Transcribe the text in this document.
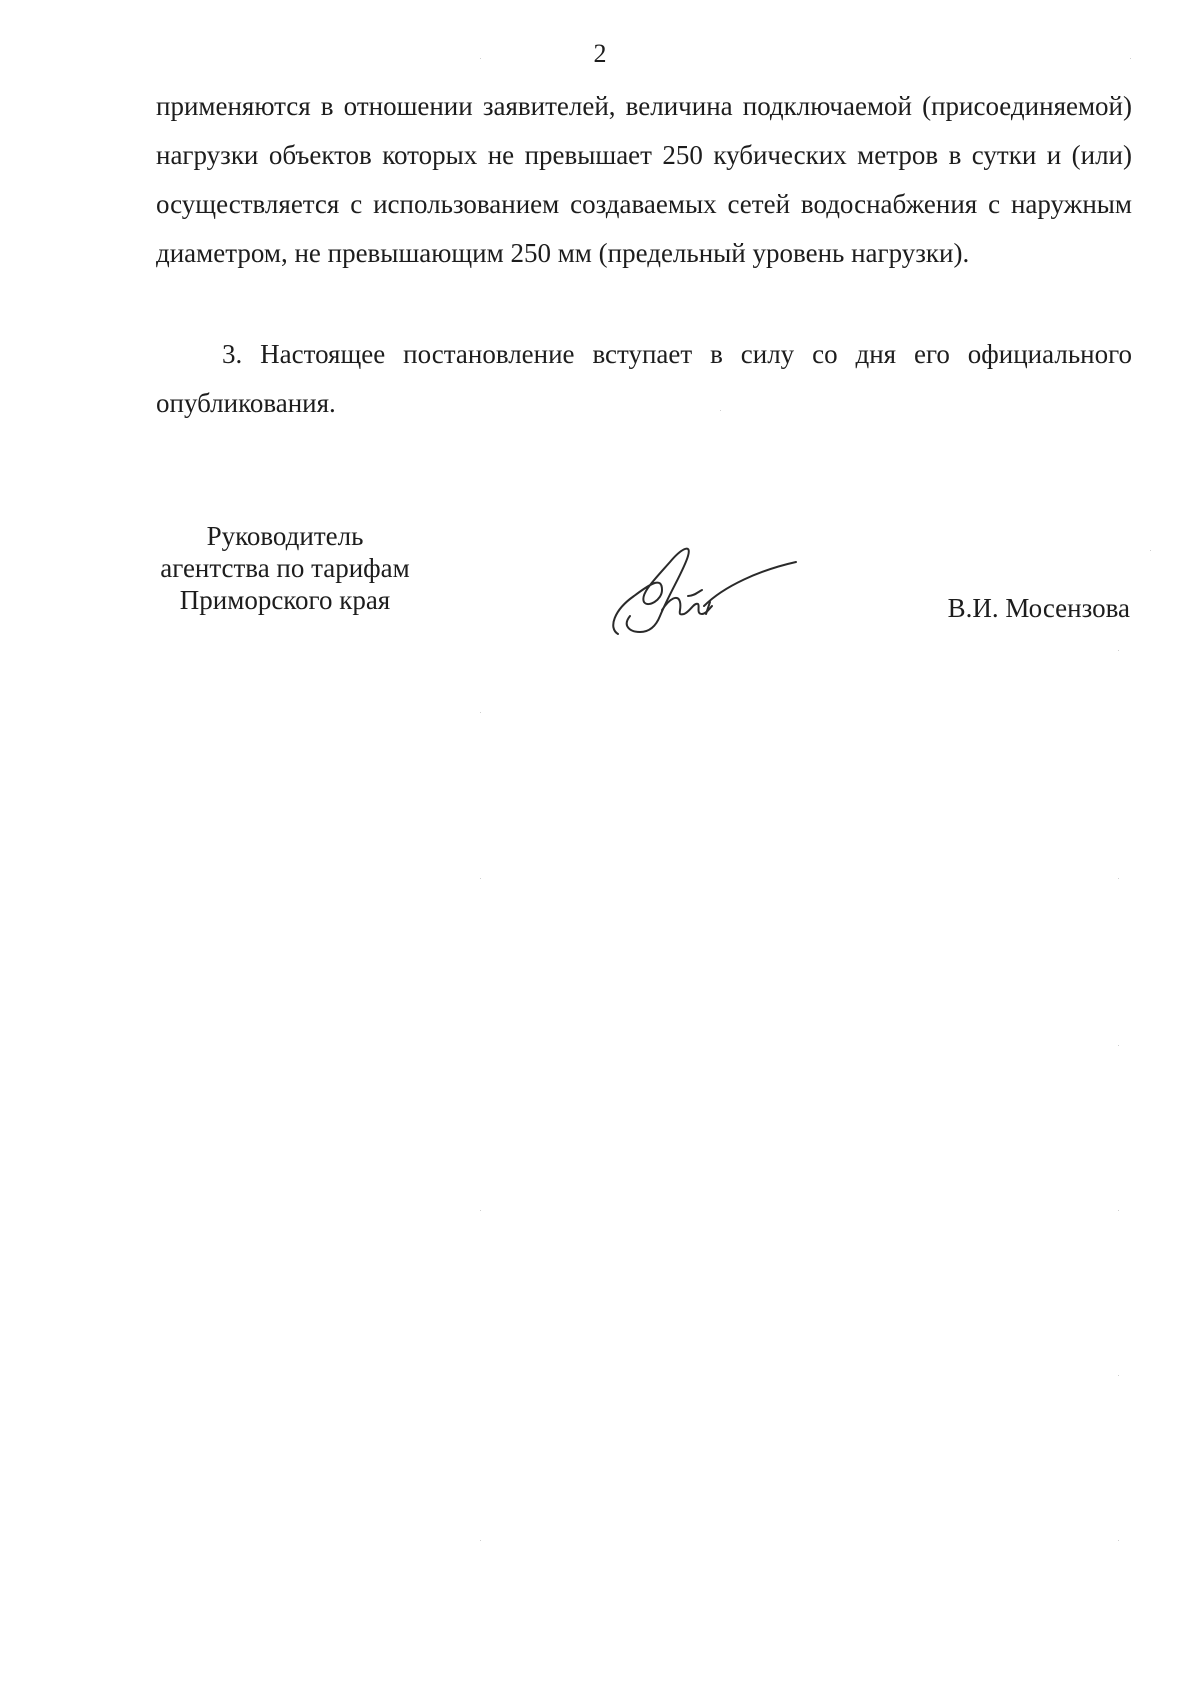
2

применяются в отношении заявителей, величина подключаемой (присоединяемой) нагрузки объектов которых не превышает 250 кубических метров в сутки и (или) осуществляется с использованием создаваемых сетей водоснабжения с наружным диаметром, не превышающим 250 мм (предельный уровень нагрузки).

3. Настоящее постановление вступает в силу со дня его официального опубликования.

Руководитель
агентства по тарифам
Приморского края	В.И. Мосензова
